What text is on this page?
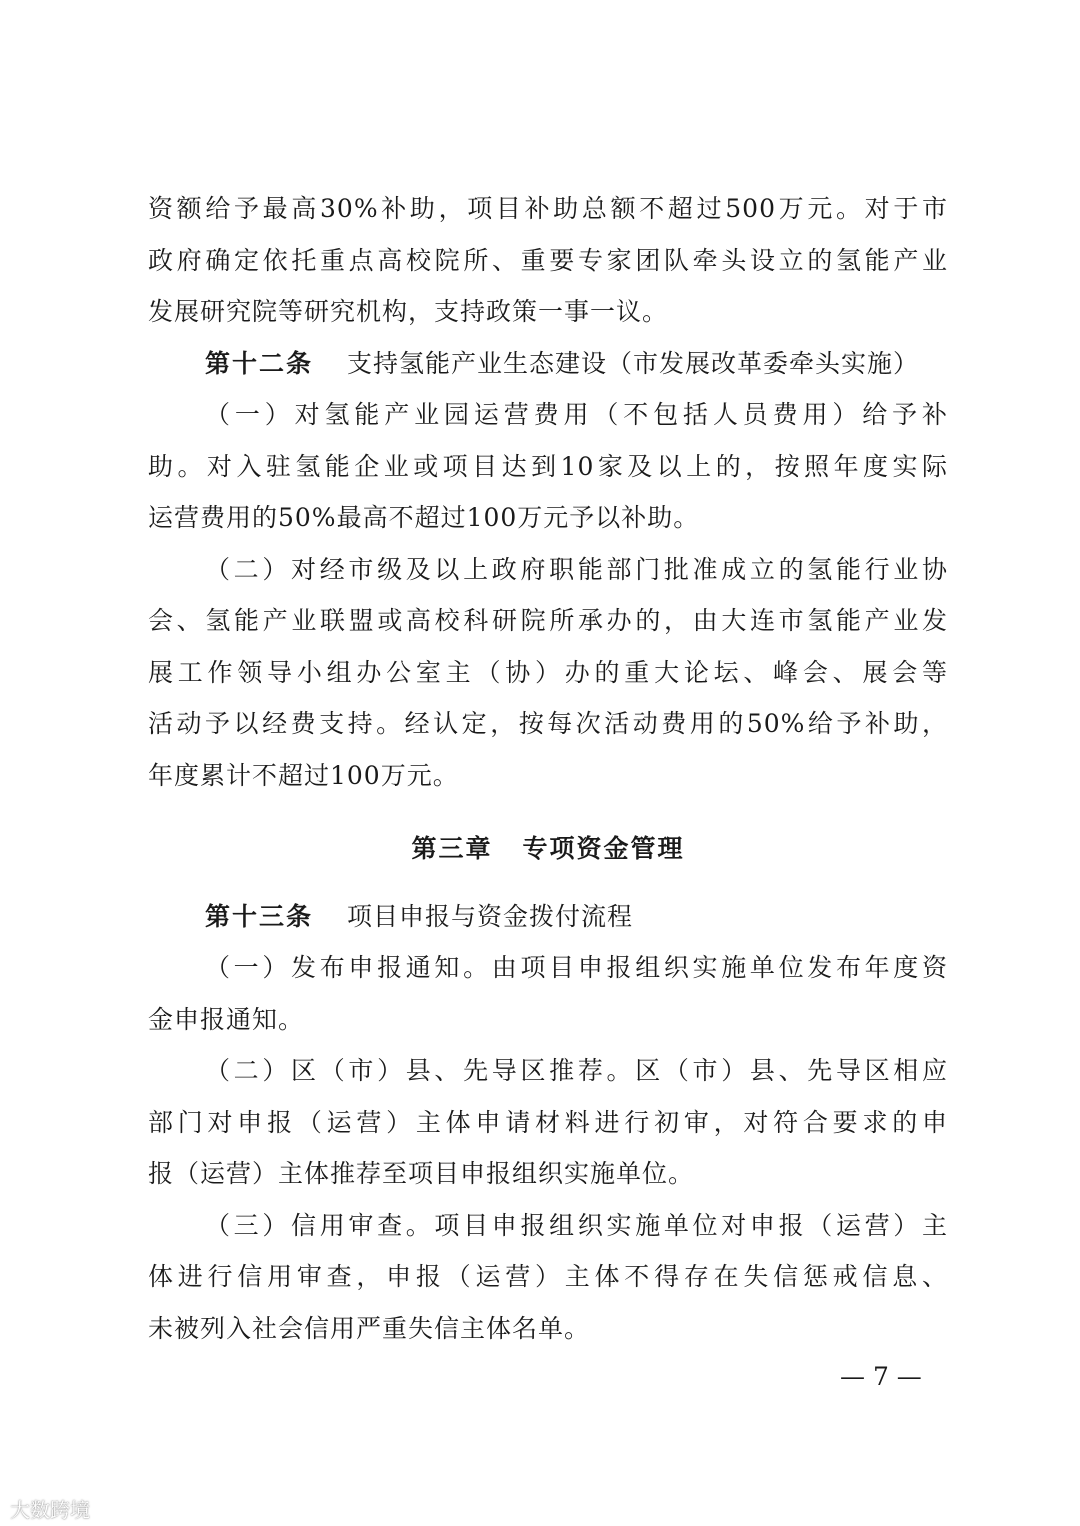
资额给予最高30%补助，项目补助总额不超过500万元。对于市
政府确定依托重点高校院所、重要专家团队牵头设立的氢能产业
发展研究院等研究机构，支持政策一事一议。
第十二条 支持氢能产业生态建设（市发展改革委牵头实施）
（一）对氢能产业园运营费用（不包括人员费用）给予补
助。对入驻氢能企业或项目达到10家及以上的，按照年度实际
运营费用的50%最高不超过100万元予以补助。
（二）对经市级及以上政府职能部门批准成立的氢能行业协
会、氢能产业联盟或高校科研院所承办的，由大连市氢能产业发
展工作领导小组办公室主（协）办的重大论坛、峰会、展会等
活动予以经费支持。经认定，按每次活动费用的50%给予补助，
年度累计不超过100万元。
第三章 专项资金管理
第十三条 项目申报与资金拨付流程
（一）发布申报通知。由项目申报组织实施单位发布年度资
金申报通知。
（二）区（市）县、先导区推荐。区（市）县、先导区相应
部门对申报（运营）主体申请材料进行初审，对符合要求的申
报（运营）主体推荐至项目申报组织实施单位。
（三）信用审查。项目申报组织实施单位对申报（运营）主
体进行信用审查，申报（运营）主体不得存在失信惩戒信息、
未被列入社会信用严重失信主体名单。
— 7 —
大数跨境
